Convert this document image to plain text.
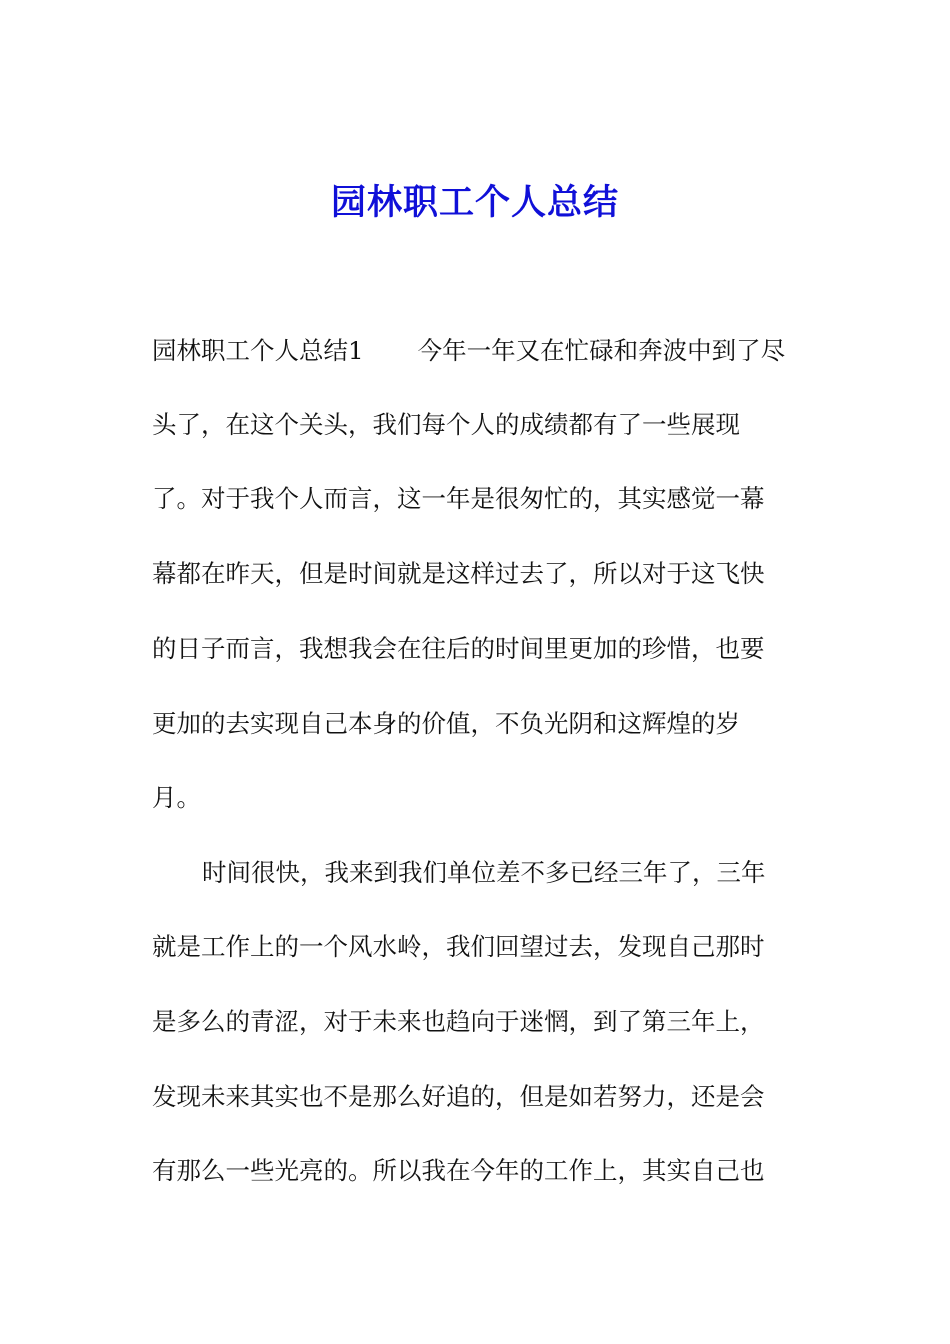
园林职工个人总结

园林职工个人总结1 今年一年又在忙碌和奔波中到了尽

头了，在这个关头，我们每个人的成绩都有了一些展现

了。对于我个人而言，这一年是很匆忙的，其实感觉一幕

幕都在昨天，但是时间就是这样过去了，所以对于这飞快

的日子而言，我想我会在往后的时间里更加的珍惜，也要

更加的去实现自己本身的价值，不负光阴和这辉煌的岁

月。

时间很快，我来到我们单位差不多已经三年了，三年

就是工作上的一个风水岭，我们回望过去，发现自己那时

是多么的青涩，对于未来也趋向于迷惘，到了第三年上，

发现未来其实也不是那么好追的，但是如若努力，还是会

有那么一些光亮的。所以我在今年的工作上，其实自己也
